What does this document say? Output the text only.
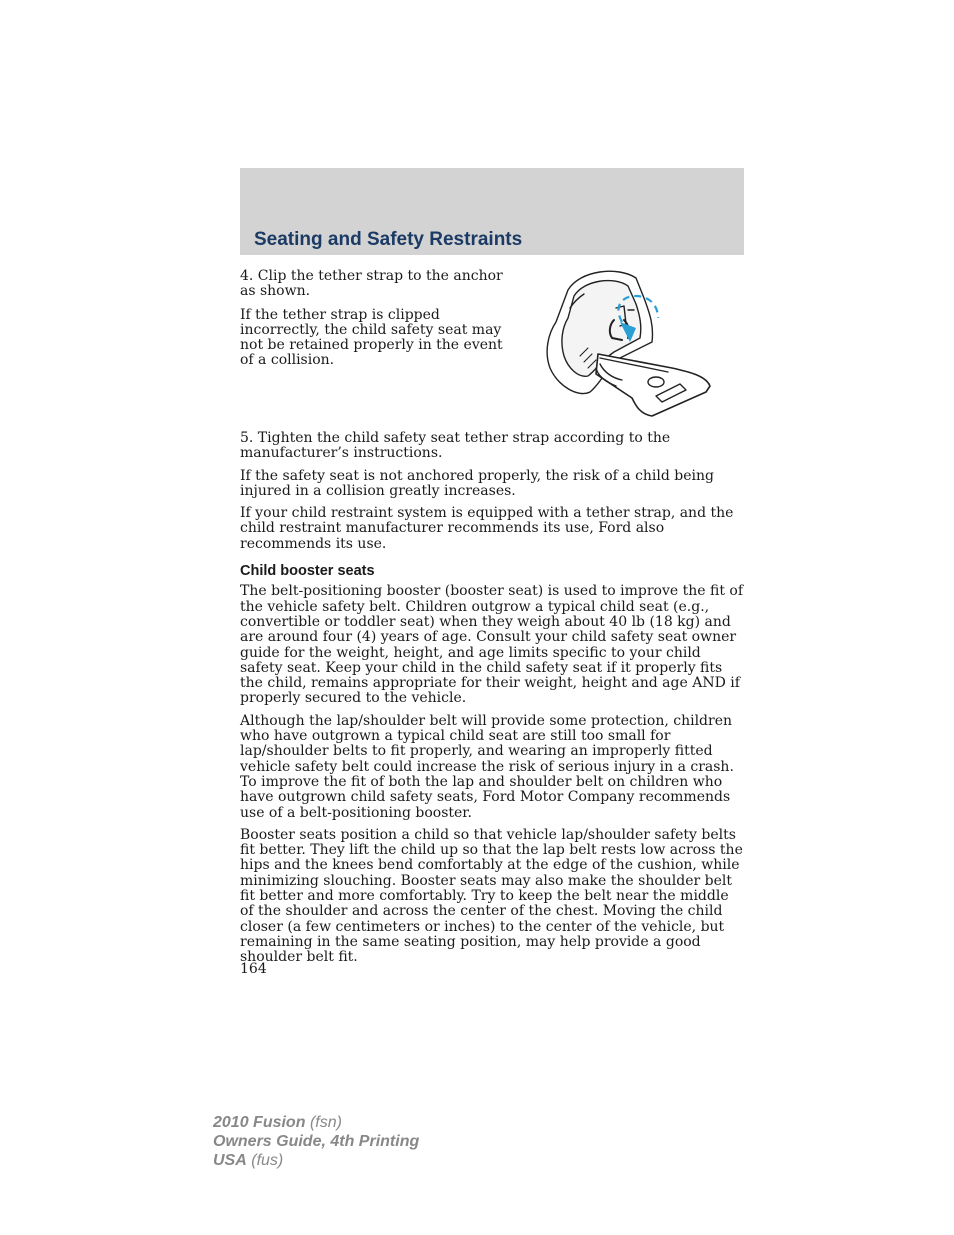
Seating and Safety Restraints

4. Clip the tether strap to the anchor as shown.

If the tether strap is clipped incorrectly, the child safety seat may not be retained properly in the event of a collision.

5. Tighten the child safety seat tether strap according to the manufacturer’s instructions.

If the safety seat is not anchored properly, the risk of a child being injured in a collision greatly increases.

If your child restraint system is equipped with a tether strap, and the child restraint manufacturer recommends its use, Ford also recommends its use.

Child booster seats

The belt-positioning booster (booster seat) is used to improve the fit of the vehicle safety belt. Children outgrow a typical child seat (e.g., convertible or toddler seat) when they weigh about 40 lb (18 kg) and are around four (4) years of age. Consult your child safety seat owner guide for the weight, height, and age limits specific to your child safety seat. Keep your child in the child safety seat if it properly fits the child, remains appropriate for their weight, height and age AND if properly secured to the vehicle.

Although the lap/shoulder belt will provide some protection, children who have outgrown a typical child seat are still too small for lap/shoulder belts to fit properly, and wearing an improperly fitted vehicle safety belt could increase the risk of serious injury in a crash. To improve the fit of both the lap and shoulder belt on children who have outgrown child safety seats, Ford Motor Company recommends use of a belt-positioning booster.

Booster seats position a child so that vehicle lap/shoulder safety belts fit better. They lift the child up so that the lap belt rests low across the hips and the knees bend comfortably at the edge of the cushion, while minimizing slouching. Booster seats may also make the shoulder belt fit better and more comfortably. Try to keep the belt near the middle of the shoulder and across the center of the chest. Moving the child closer (a few centimeters or inches) to the center of the vehicle, but remaining in the same seating position, may help provide a good shoulder belt fit.

164
2010 Fusion (fsn)
Owners Guide, 4th Printing
USA (fus)
